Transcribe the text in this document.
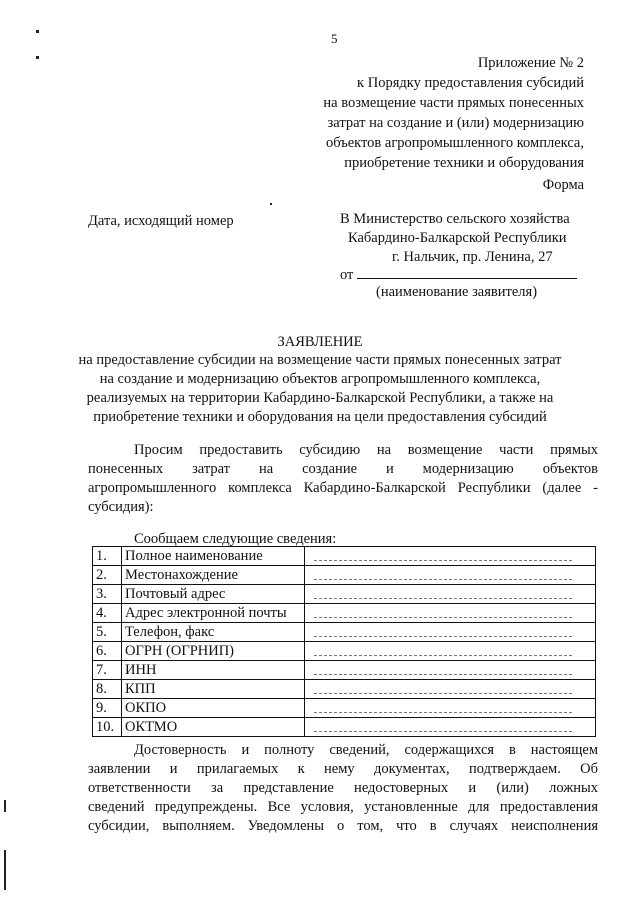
5
Приложение № 2
к Порядку предоставления субсидий
на возмещение части прямых понесенных
затрат на создание и (или) модернизацию
объектов агропромышленного комплекса,
приобретение техники и оборудования
Форма
Дата, исходящий номер	В Министерство сельского хозяйства
Кабардино-Балкарской Республики
г. Нальчик, пр. Ленина, 27
от
(наименование заявителя)
ЗАЯВЛЕНИЕ
на предоставление субсидии на возмещение части прямых понесенных затрат
на создание и модернизацию объектов агропромышленного комплекса,
реализуемых на территории Кабардино-Балкарской Республики, а также на
приобретение техники и оборудования на цели предоставления субсидий
Просим предоставить субсидию на возмещение части прямых
понесенных затрат на создание и модернизацию объектов
агропромышленного комплекса Кабардино-Балкарской Республики (далее -
субсидия):
Сообщаем следующие сведения:
1.	Полное наименование	

2.	Местонахождение	

3.	Почтовый адрес	

4.	Адрес электронной почты	

5.	Телефон, факс	

6.	ОГРН (ОГРНИП)	

7.	ИНН	

8.	КПП	

9.	ОКПО	

10.	ОКТМО	
Достоверность и полноту сведений, содержащихся в настоящем
заявлении и прилагаемых к нему документах, подтверждаем. Об
ответственности за представление недостоверных и (или) ложных
сведений предупреждены. Все условия, установленные для предоставления
субсидии, выполняем. Уведомлены о том, что в случаях неисполнения
